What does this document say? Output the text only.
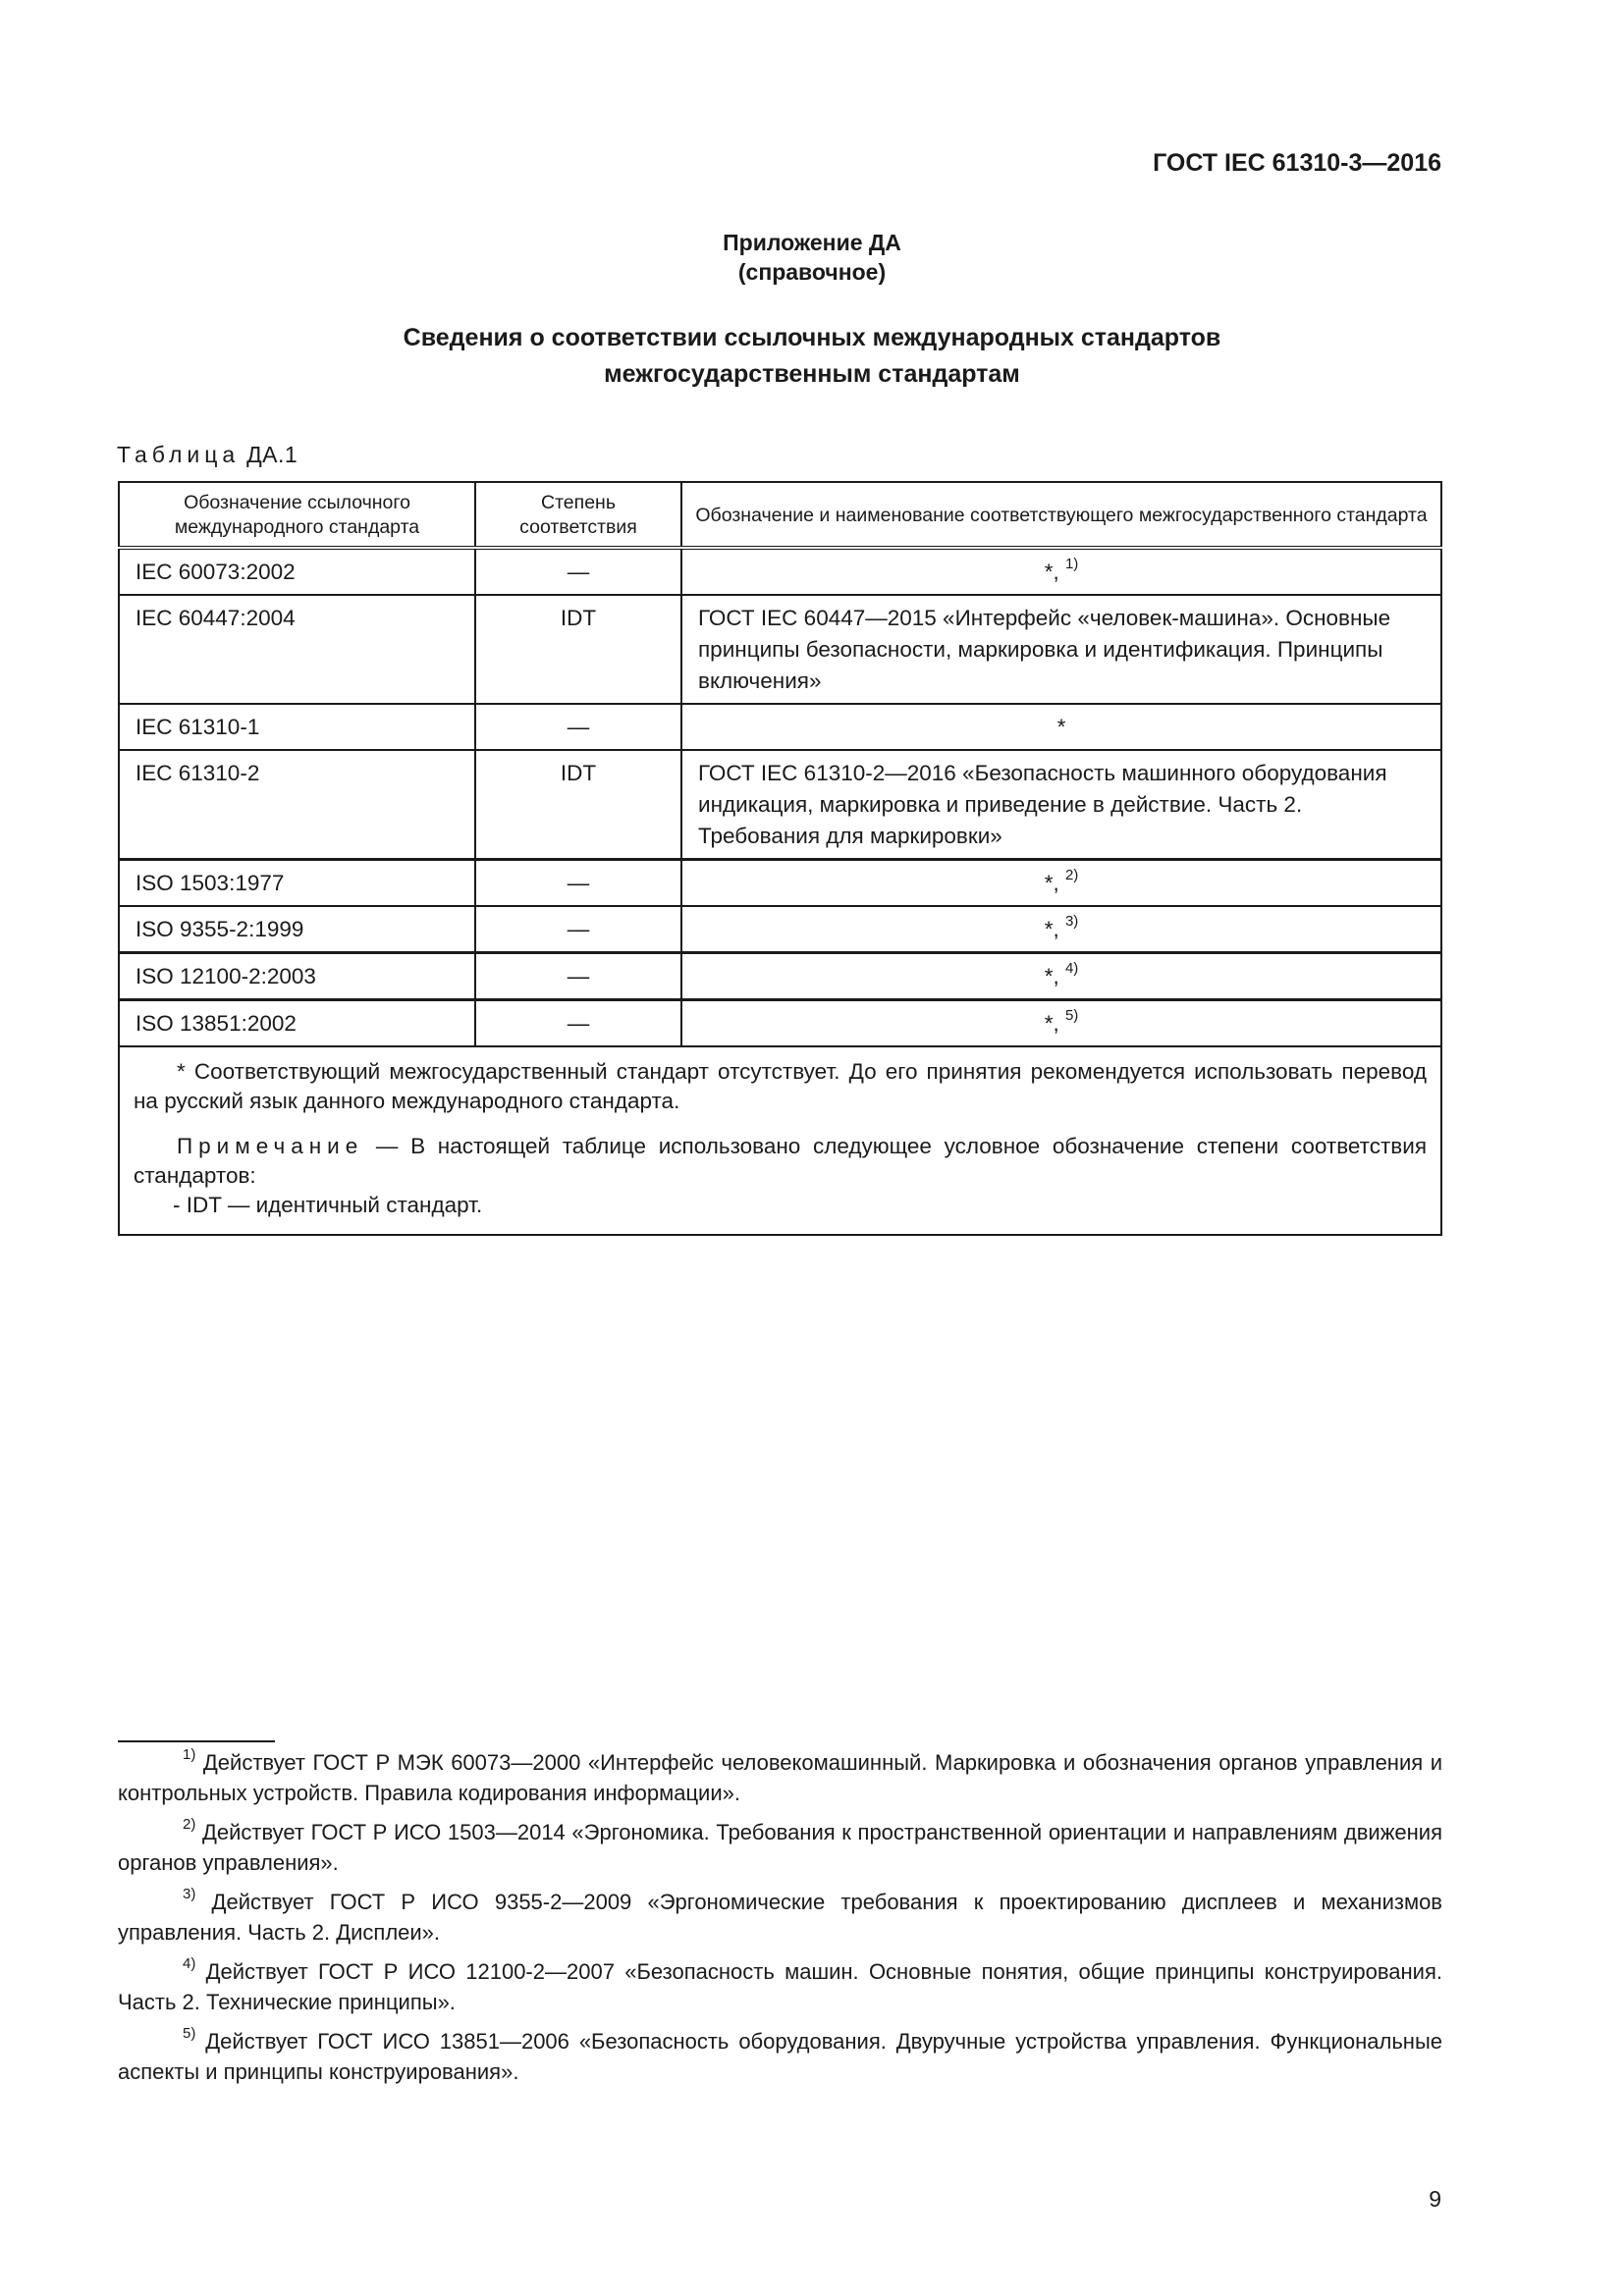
ГОСТ IEC 61310-3—2016
Приложение ДА
(справочное)
Сведения о соответствии ссылочных международных стандартов
межгосударственным стандартам
Таблица ДА.1
Обозначение ссылочного международного стандарта	Степень соответствия	Обозначение и наименование соответствующего межгосударственного стандарта
IEC 60073:2002	—	*, $^{1)}$
IEC 60447:2004	IDT	ГОСТ IEC 60447—2015 «Интерфейс «человек-машина». Основные принципы безопасности, маркировка и идентификация. Принципы включения»
IEC 61310-1	—	*
IEC 61310-2	IDT	ГОСТ IEC 61310-2—2016 «Безопасность машинного оборудования индикация, маркировка и приведение в действие. Часть 2. Требования для маркировки»
ISO 1503:1977	—	*, $^{2)}$
ISO 9355-2:1999	—	*, $^{3)}$
ISO 12100-2:2003	—	*, $^{4)}$
ISO 13851:2002	—	*, $^{5)}$

* Соответствующий межгосударственный стандарт отсутствует. До его принятия рекомендуется использовать перевод на русский язык данного международного стандарта.

Примечание — В настоящей таблице использовано следующее условное обозначение степени соответствия стандартов:

- IDT — идентичный стандарт.		

$^{1)}$ Действует ГОСТ Р МЭК 60073—2000 «Интерфейс человекомашинный. Маркировка и обозначения органов управления и контрольных устройств. Правила кодирования информации».

$^{2)}$ Действует ГОСТ Р ИСО 1503—2014 «Эргономика. Требования к пространственной ориентации и направлениям движения органов управления».

$^{3)}$ Действует ГОСТ Р ИСО 9355-2—2009 «Эргономические требования к проектированию дисплеев и механизмов управления. Часть 2. Дисплеи».

$^{4)}$ Действует ГОСТ Р ИСО 12100-2—2007 «Безопасность машин. Основные понятия, общие принципы конструирования. Часть 2. Технические принципы».

$^{5)}$ Действует ГОСТ ИСО 13851—2006 «Безопасность оборудования. Двуручные устройства управления. Функциональные аспекты и принципы конструирования».

9
